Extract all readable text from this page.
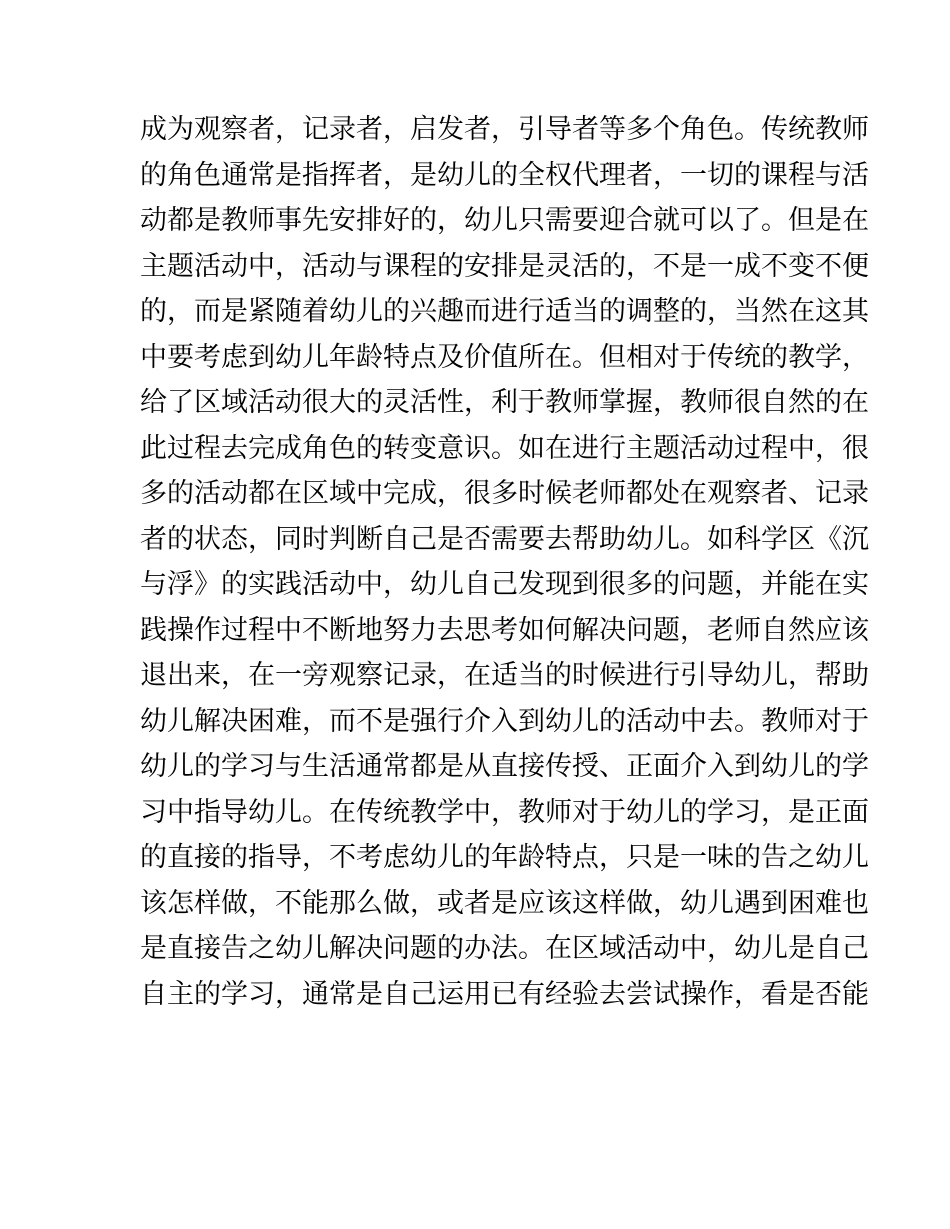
成为观察者，记录者，启发者，引导者等多个角色。传统教师
的角色通常是指挥者，是幼儿的全权代理者，一切的课程与活
动都是教师事先安排好的，幼儿只需要迎合就可以了。但是在
主题活动中，活动与课程的安排是灵活的，不是一成不变不便
的，而是紧随着幼儿的兴趣而进行适当的调整的，当然在这其
中要考虑到幼儿年龄特点及价值所在。但相对于传统的教学，
给了区域活动很大的灵活性，利于教师掌握，教师很自然的在
此过程去完成角色的转变意识。如在进行主题活动过程中，很
多的活动都在区域中完成，很多时候老师都处在观察者、记录
者的状态，同时判断自己是否需要去帮助幼儿。如科学区《沉
与浮》的实践活动中，幼儿自己发现到很多的问题，并能在实
践操作过程中不断地努力去思考如何解决问题，老师自然应该
退出来，在一旁观察记录，在适当的时候进行引导幼儿，帮助
幼儿解决困难，而不是强行介入到幼儿的活动中去。教师对于
幼儿的学习与生活通常都是从直接传授、正面介入到幼儿的学
习中指导幼儿。在传统教学中，教师对于幼儿的学习，是正面
的直接的指导，不考虑幼儿的年龄特点，只是一味的告之幼儿
该怎样做，不能那么做，或者是应该这样做，幼儿遇到困难也
是直接告之幼儿解决问题的办法。在区域活动中，幼儿是自己
自主的学习，通常是自己运用已有经验去尝试操作，看是否能
